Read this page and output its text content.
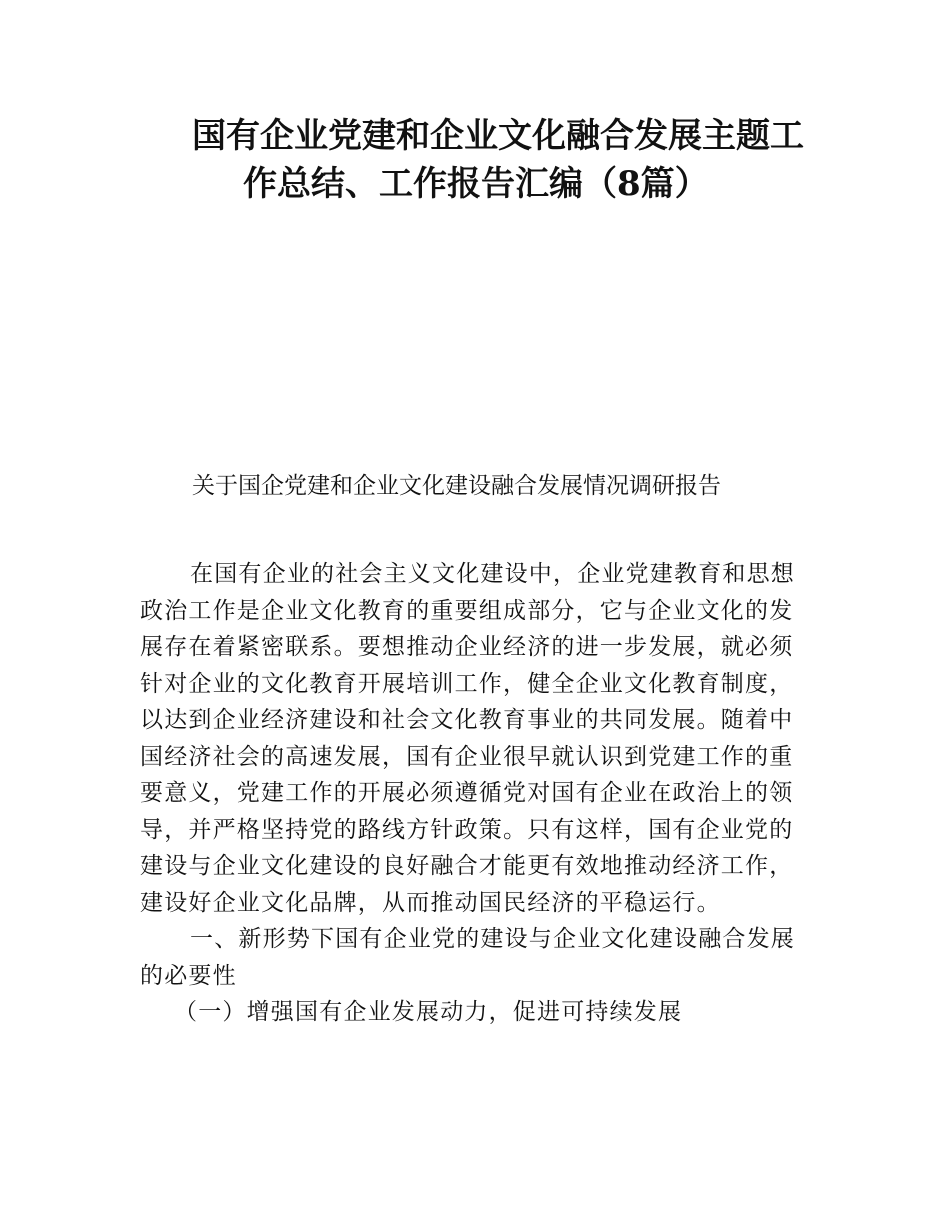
国有企业党建和企业文化融合发展主题工
作总结、工作报告汇编（8篇）

关于国企党建和企业文化建设融合发展情况调研报告

在国有企业的社会主义文化建设中，企业党建教育和思想
政治工作是企业文化教育的重要组成部分，它与企业文化的发
展存在着紧密联系。要想推动企业经济的进一步发展，就必须
针对企业的文化教育开展培训工作，健全企业文化教育制度，
以达到企业经济建设和社会文化教育事业的共同发展。随着中
国经济社会的高速发展，国有企业很早就认识到党建工作的重
要意义，党建工作的开展必须遵循党对国有企业在政治上的领
导，并严格坚持党的路线方针政策。只有这样，国有企业党的
建设与企业文化建设的良好融合才能更有效地推动经济工作，
建设好企业文化品牌，从而推动国民经济的平稳运行。
一、新形势下国有企业党的建设与企业文化建设融合发展
的必要性
（一）增强国有企业发展动力，促进可持续发展
